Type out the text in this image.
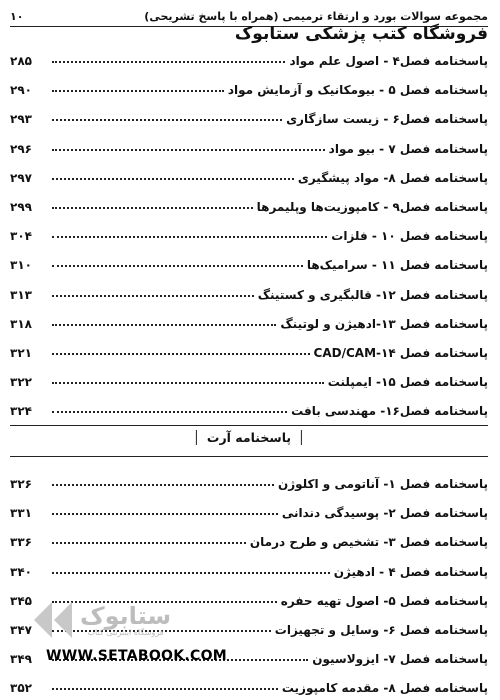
۱۰	مجموعه سوالات بورد و ارتقاء ترمیمی (همراه با پاسخ تشریحی)
فروشگاه کتب پزشکی ستابوک
پاسخنامه فصل۴ - اصول علم مواد
۲۸۵
پاسخنامه فصل ۵ - بیومکانیک و آزمایش مواد
۲۹۰
پاسخنامه فصل۶ - زیست سازگاری
۲۹۳
پاسخنامه فصل ۷ - بیو مواد
۲۹۶
پاسخنامه فصل ۸- مواد پیشگیری
۲۹۷
پاسخنامه فصل۹ - کامپوزیت‌ها وپلیمرها
۲۹۹
پاسخنامه فصل ۱۰ - فلزات
۳۰۴
پاسخنامه فصل ۱۱ - سرامیک‌ها
۳۱۰
پاسخنامه فصل ۱۲- قالبگیری و کستینگ
۳۱۳
پاسخنامه فصل ۱۳-ادهیژن و لوتینگ
۳۱۸
پاسخنامه فصل ۱۴-CAD/CAM
۳۲۱
پاسخنامه فصل ۱۵- ایمپلنت
۳۲۲
پاسخنامه فصل۱۶- مهندسی بافت
۳۲۴
پاسخنامه آرت
پاسخنامه فصل ۱- آناتومی و اکلوژن
۳۲۶
پاسخنامه فصل ۲- پوسیدگی دندانی
۳۳۱
پاسخنامه فصل ۳- تشخیص و طرح درمان
۳۳۶
پاسخنامه فصل ۴ - ادهیژن
۳۴۰
پاسخنامه فصل ۵- اصول تهیه حفره
۳۴۵
پاسخنامه فصل ۶- وسایل و تجهیزات
۳۴۷
پاسخنامه فصل ۷- ایزولاسیون
۳۴۹
پاسخنامه فصل ۸- مقدمه کامپوزیت
۳۵۲
ستابوک
فروشگاه اینترنتی کتاب
WWW.SETABOOK.COM
